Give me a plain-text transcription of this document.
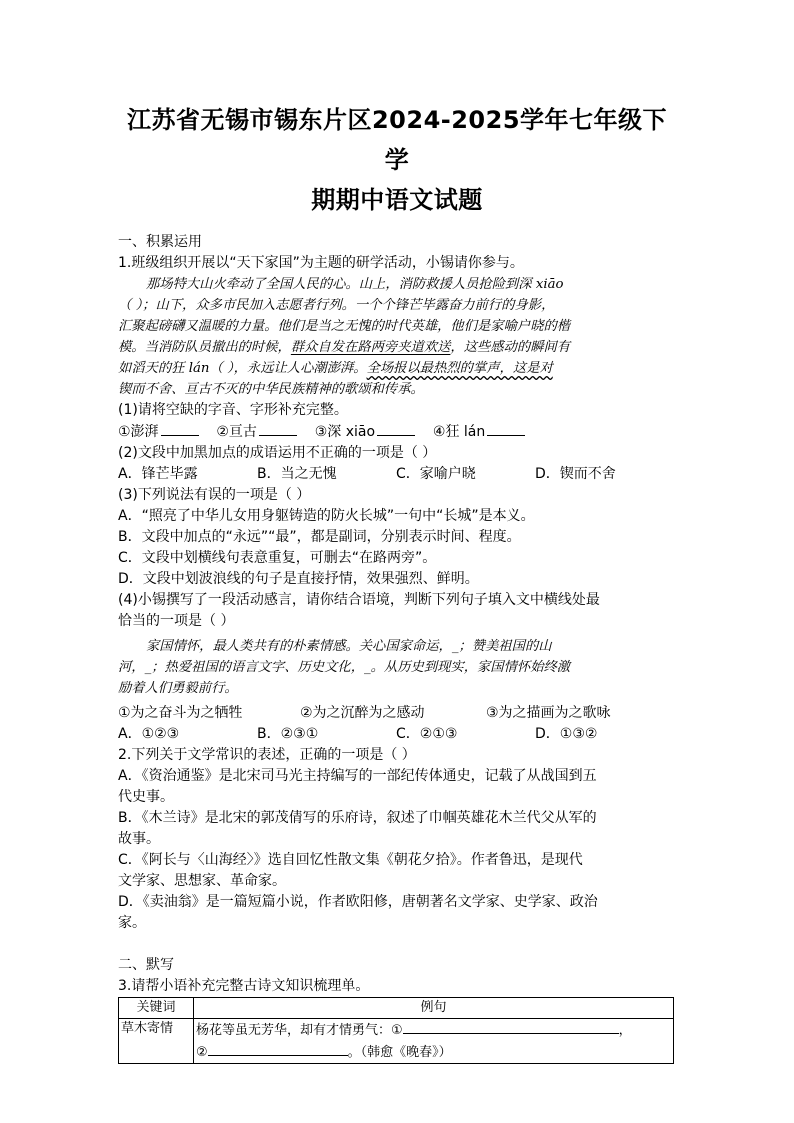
江苏省无锡市锡东片区2024-2025学年七年级下学
期期中语文试题

一、积累运用

1.班级组织开展以“天下家国”为主题的研学活动，小锡请你参与。

那场特大山火牵动了全国人民的心。山上，消防救援人员抢险到深 xiāo

（ ）；山下，众多市民加入志愿者行列。一个个锋芒毕露奋力前行的身影，

汇聚起磅礴又温暖的力量。他们是当之无愧的时代英雄，他们是家喻户晓的楷

模。当消防队员撤出的时候，群众自发在路两旁夹道欢送，这些感动的瞬间有

如滔天的狂 lán（ ），永远让人心潮澎湃。全场报以最热烈的掌声，这是对

锲而不舍、亘古不灭的中华民族精神的歌颂和传承。

(1)请将空缺的字音、字形补充完整。

①澎湃	②亘古	③深 xiāo	④狂 lán

(2)文段中加黑加点的成语运用不正确的一项是（ ）

A．锋芒毕露	B．当之无愧	C．家喻户晓	D．锲而不舍

(3)下列说法有误的一项是（ ）

A．“照亮了中华儿女用身躯铸造的防火长城”一句中“长城”是本义。

B．文段中加点的“永远”“最”，都是副词，分别表示时间、程度。

C．文段中划横线句表意重复，可删去“在路两旁”。

D．文段中划波浪线的句子是直接抒情，效果强烈、鲜明。

(4)小锡撰写了一段活动感言，请你结合语境，判断下列句子填入文中横线处最

恰当的一项是（ ）

家国情怀，最人类共有的朴素情感。关心国家命运，_；赞美祖国的山

河，_；热爱祖国的语言文字、历史文化，_。从历史到现实，家国情怀始终激

励着人们勇毅前行。

①为之奋斗为之牺牲	②为之沉醉为之感动	③为之描画为之歌咏
A．①②③	B．②③①	C．②①③	D．①③②

2.下列关于文学常识的表述，正确的一项是（ ）

A．《资治通鉴》是北宋司马光主持编写的一部纪传体通史，记载了从战国到五

代史事。

B．《木兰诗》是北宋的郭茂倩写的乐府诗，叙述了巾帼英雄花木兰代父从军的

故事。

C．《阿长与〈山海经〉》选自回忆性散文集《朝花夕拾》。作者鲁迅，是现代

文学家、思想家、革命家。

D．《卖油翁》是一篇短篇小说，作者欧阳修，唐朝著名文学家、史学家、政治

家。

二、默写

3.请帮小语补充完整古诗文知识梳理单。

关键词	例句
草木寄情	杨花等虽无芳华，却有才情勇气：① ，
② 。（韩愈《晚春》）
